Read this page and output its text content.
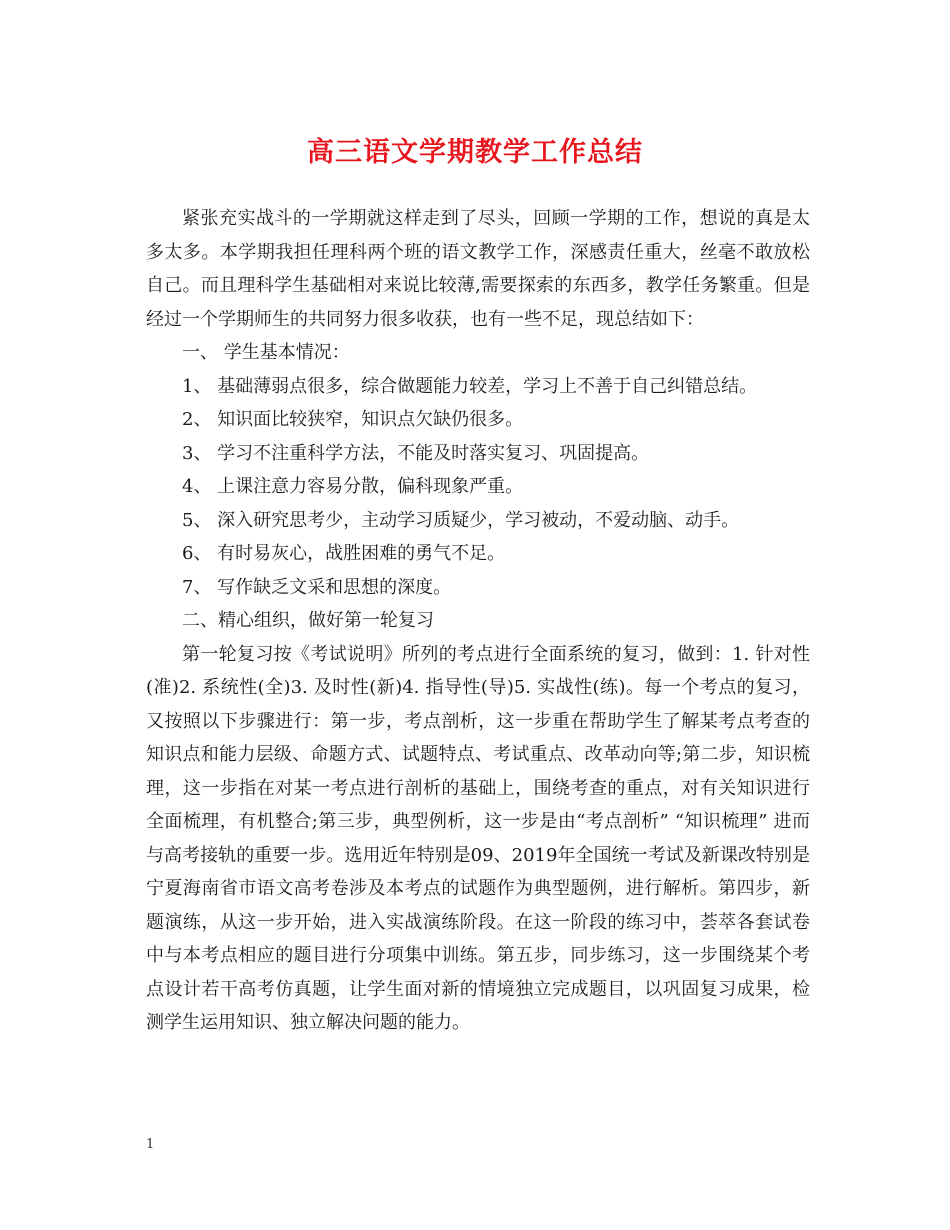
高三语文学期教学工作总结

紧张充实战斗的一学期就这样走到了尽头，回顾一学期的工作，想说的真是太多太多。本学期我担任理科两个班的语文教学工作，深感责任重大，丝毫不敢放松自己。而且理科学生基础相对来说比较薄,需要探索的东西多，教学任务繁重。但是经过一个学期师生的共同努力很多收获，也有一些不足，现总结如下：

一、 学生基本情况：

1、 基础薄弱点很多，综合做题能力较差，学习上不善于自己纠错总结。

2、 知识面比较狭窄，知识点欠缺仍很多。

3、 学习不注重科学方法，不能及时落实复习、巩固提高。

4、 上课注意力容易分散，偏科现象严重。

5、 深入研究思考少，主动学习质疑少，学习被动，不爱动脑、动手。

6、 有时易灰心，战胜困难的勇气不足。

7、 写作缺乏文采和思想的深度。

二、精心组织，做好第一轮复习

第一轮复习按《考试说明》所列的考点进行全面系统的复习，做到：1. 针对性(准)2. 系统性(全)3. 及时性(新)4. 指导性(导)5. 实战性(练)。每一个考点的复习，又按照以下步骤进行：第一步，考点剖析，这一步重在帮助学生了解某考点考查的知识点和能力层级、命题方式、试题特点、考试重点、改革动向等;第二步，知识梳理，这一步指在对某一考点进行剖析的基础上，围绕考查的重点，对有关知识进行全面梳理，有机整合;第三步，典型例析，这一步是由“考点剖析” “知识梳理” 进而与高考接轨的重要一步。选用近年特别是09、2019年全国统一考试及新课改特别是宁夏海南省市语文高考卷涉及本考点的试题作为典型题例，进行解析。第四步，新题演练，从这一步开始，进入实战演练阶段。在这一阶段的练习中，荟萃各套试卷中与本考点相应的题目进行分项集中训练。第五步，同步练习，这一步围绕某个考点设计若干高考仿真题，让学生面对新的情境独立完成题目，以巩固复习成果，检测学生运用知识、独立解决问题的能力。

1
